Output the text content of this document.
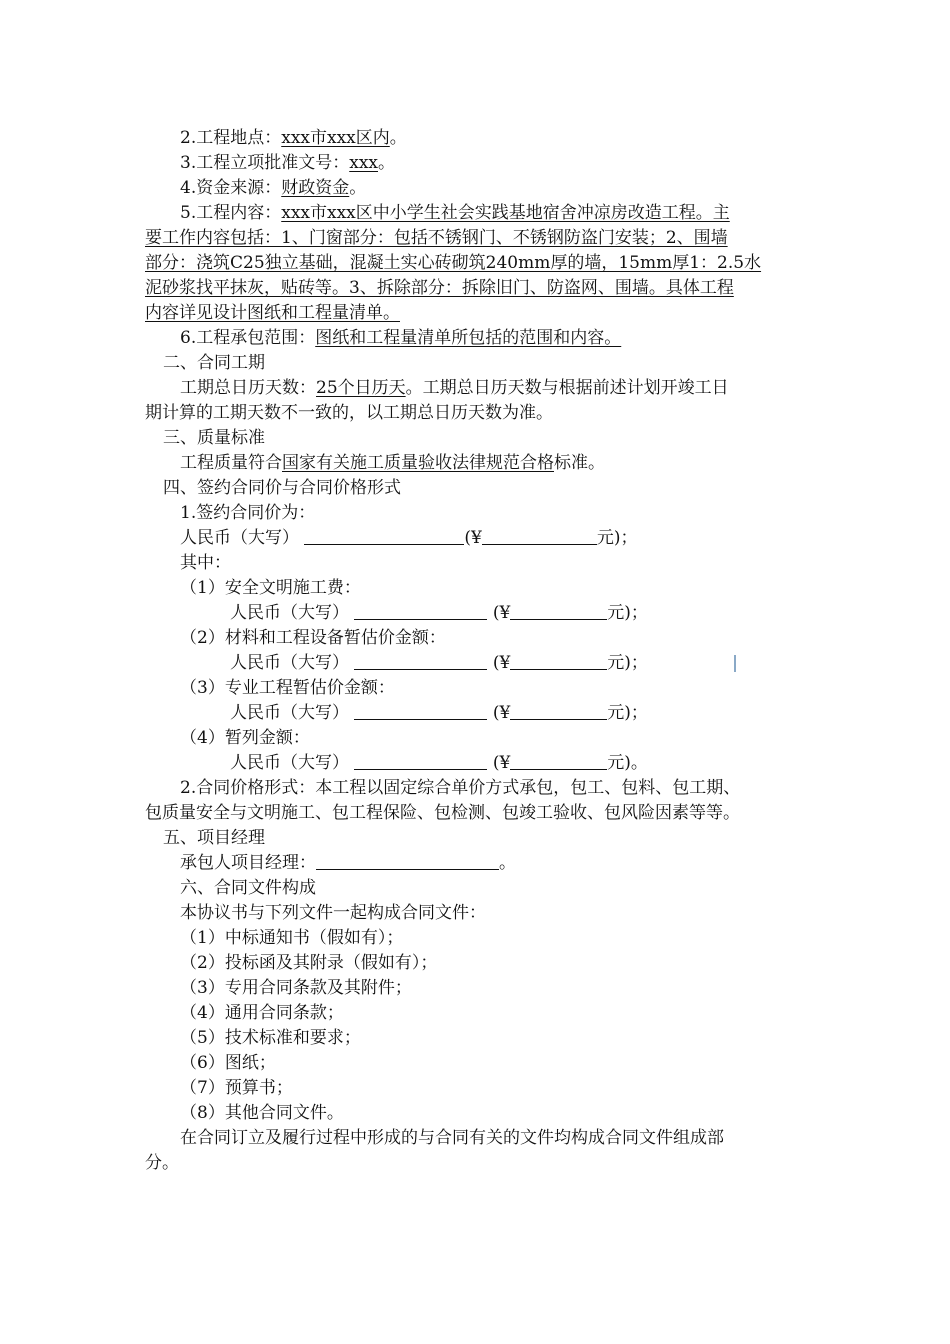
2.工程地点：xxx市xxx区内。
3.工程立项批准文号：xxx。
4.资金来源：财政资金。
5.工程内容：xxx市xxx区中小学生社会实践基地宿舍冲凉房改造工程。主
要工作内容包括：1、门窗部分：包括不锈钢门、不锈钢防盗门安装；2、围墙
部分：浇筑C25独立基础，混凝土实心砖砌筑240mm厚的墙，15mm厚1：2.5水
泥砂浆找平抹灰，贴砖等。3、拆除部分：拆除旧门、防盗网、围墙。具体工程
内容详见设计图纸和工程量清单。
6.工程承包范围：图纸和工程量清单所包括的范围和内容。
二、合同工期
工期总日历天数：25个日历天。工期总日历天数与根据前述计划开竣工日
期计算的工期天数不一致的，以工期总日历天数为准。
三、质量标准
工程质量符合国家有关施工质量验收法律规范合格标准。
四、签约合同价与合同价格形式
1.签约合同价为：
人民币（大写）	(¥	元)；
其中：
（1）安全文明施工费：
人民币（大写）	(¥	元)；
（2）材料和工程设备暂估价金额：
人民币（大写）	(¥	元)；
（3）专业工程暂估价金额：
人民币（大写）	(¥	元)；
（4）暂列金额：
人民币（大写）	(¥	元)。
2.合同价格形式：本工程以固定综合单价方式承包，包工、包料、包工期、
包质量安全与文明施工、包工程保险、包检测、包竣工验收、包风险因素等等。
五、项目经理
承包人项目经理：	。
六、合同文件构成
本协议书与下列文件一起构成合同文件：
（1）中标通知书（假如有）；
（2）投标函及其附录（假如有）；
（3）专用合同条款及其附件；
（4）通用合同条款；
（5）技术标准和要求；
（6）图纸；
（7）预算书；
（8）其他合同文件。
在合同订立及履行过程中形成的与合同有关的文件均构成合同文件组成部
分。
